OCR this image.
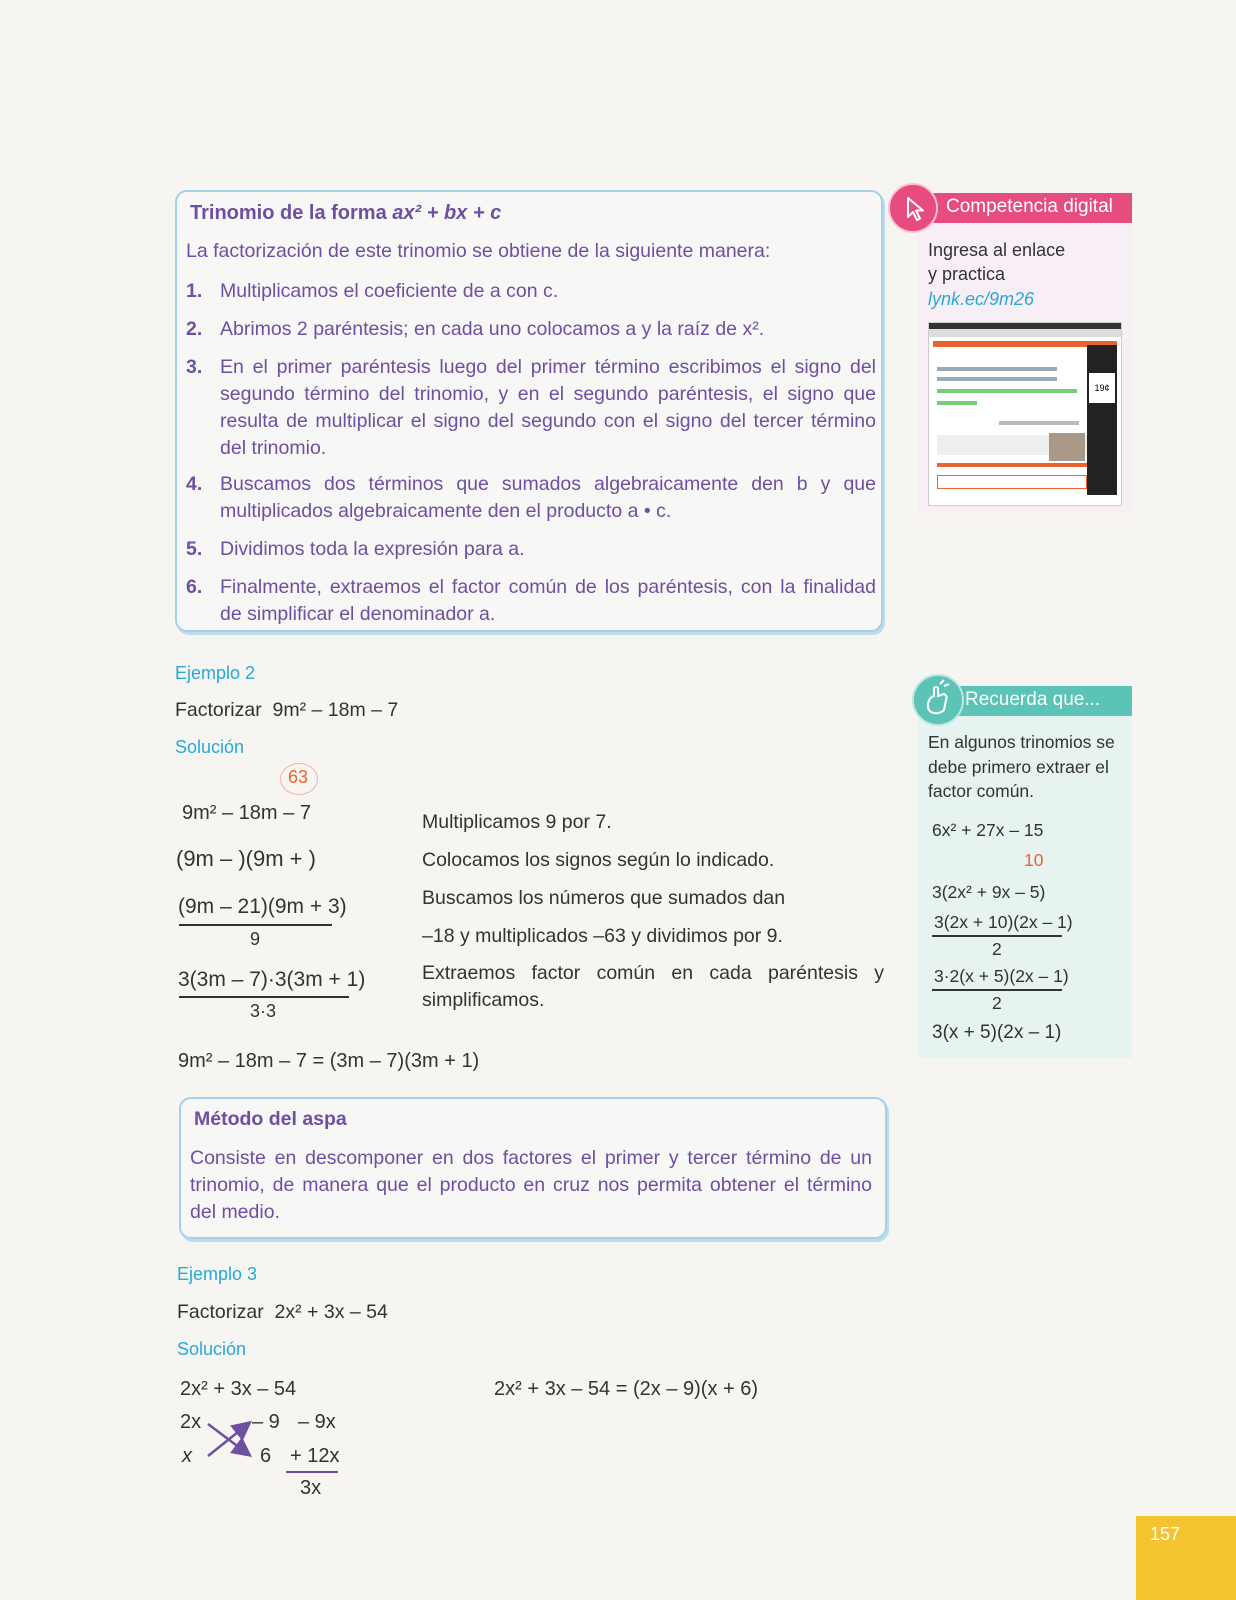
Trinomio de la forma ax² + bx + c
La factorización de este trinomio se obtiene de la siguiente manera:
1. Multiplicamos el coeficiente de a con c.
2. Abrimos 2 paréntesis; en cada uno colocamos a y la raíz de x².
3. En el primer paréntesis luego del primer término escribimos el signo del segundo término del trinomio, y en el segundo paréntesis, el signo que resulta de multiplicar el signo del segundo con el signo del tercer término del trinomio.
4. Buscamos dos términos que sumados algebraicamente den b y que multiplicados algebraicamente den el producto a • c.
5. Dividimos toda la expresión para a.
6. Finalmente, extraemos el factor común de los paréntesis, con la finalidad de simplificar el denominador a.
Competencia digital
Ingresa al enlace
y practica
lynk.ec/9m26
19¢
Ejemplo 2
Factorizar 9m² – 18m – 7
Solución
63
9m² – 18m – 7
(9m – )(9m + )
(9m – 21)(9m + 3)
9
3(3m – 7)·3(3m + 1)
3·3
Multiplicamos 9 por 7.
Colocamos los signos según lo indicado.
Buscamos los números que sumados dan
–18 y multiplicados –63 y dividimos por 9.
Extraemos factor común en cada paréntesis y simplificamos.
9m² – 18m – 7 = (3m – 7)(3m + 1)
Recuerda que...
En algunos trinomios se debe primero extraer el factor común.
6x² + 27x – 15
10
3(2x² + 9x – 5)
3(2x + 10)(2x – 1)
2
3·2(x + 5)(2x – 1)
2
3(x + 5)(2x – 1)
Método del aspa
Consiste en descomponer en dos factores el primer y tercer término de un trinomio, de manera que el producto en cruz nos permita obtener el término del medio.
Ejemplo 3
Factorizar 2x² + 3x – 54
Solución
2x² + 3x – 54	2x² + 3x – 54 = (2x – 9)(x + 6)
2x
x
– 9
6
– 9x
+ 12x
3x
157
